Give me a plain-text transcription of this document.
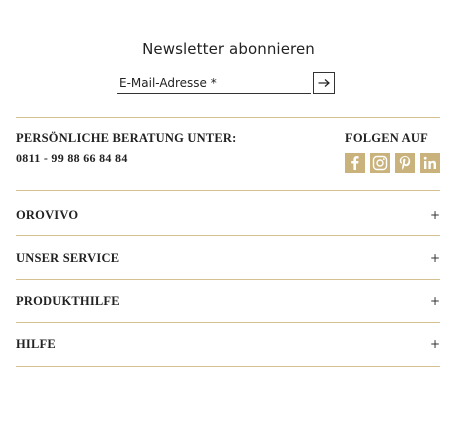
Newsletter abonnieren
E-Mail-Adresse *
PERSÖNLICHE BERATUNG UNTER:
0811 - 99 88 66 84 84
FOLGEN AUF
OROVIVO	+
UNSER SERVICE	+
PRODUKTHILFE	+
HILFE	+
